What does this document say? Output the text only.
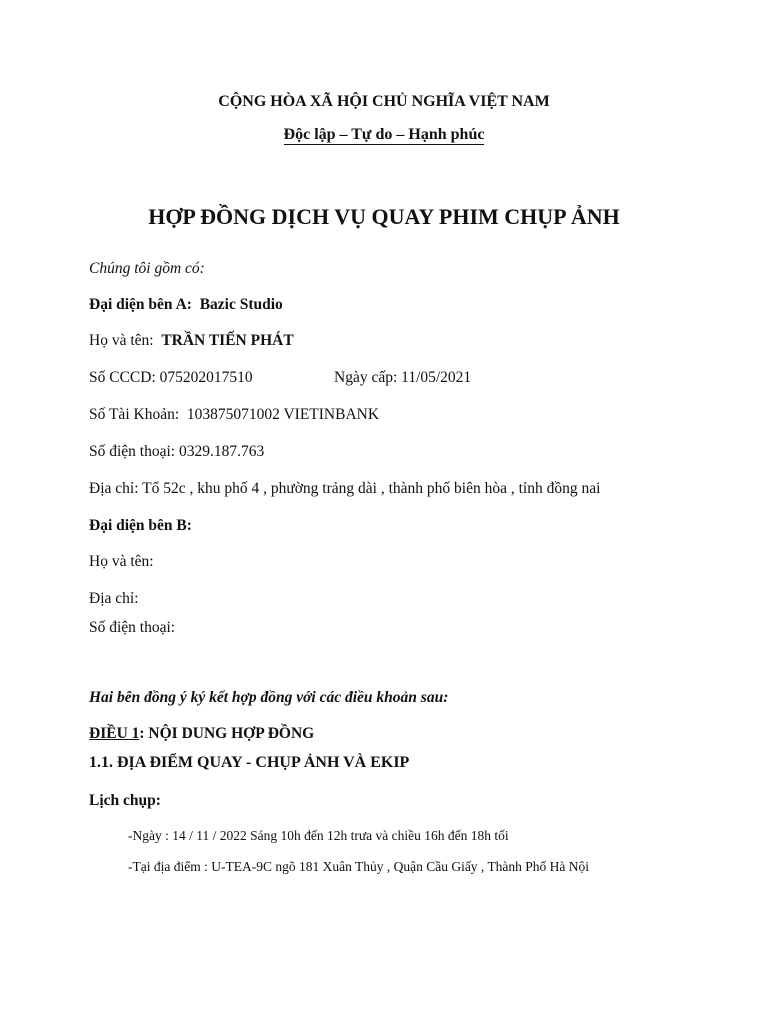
CỘNG HÒA XÃ HỘI CHỦ NGHĨA VIỆT NAM
Độc lập – Tự do – Hạnh phúc
HỢP ĐỒNG DỊCH VỤ QUAY PHIM CHỤP ẢNH
Chúng tôi gồm có:
Đại diện bên A: Bazic Studio
Họ và tên: TRẦN TIẾN PHÁT
Số CCCD: 075202017510	Ngày cấp: 11/05/2021
Số Tài Khoản: 103875071002 VIETINBANK
Số điện thoại: 0329.187.763
Địa chỉ: Tổ 52c , khu phố 4 , phường trảng dài , thành phố biên hòa , tỉnh đồng nai
Đại diện bên B:
Họ và tên:
Địa chỉ:
Số điện thoại:
Hai bên đồng ý ký kết hợp đồng với các điều khoản sau:
ĐIỀU 1: NỘI DUNG HỢP ĐỒNG
1.1. ĐỊA ĐIỂM QUAY - CHỤP ẢNH VÀ EKIP
Lịch chụp:
-Ngày : 14 / 11 / 2022 Sáng 10h đến 12h trưa và chiều 16h đến 18h tối
-Tại địa điểm : U-TEA-9C ngõ 181 Xuân Thủy , Quận Cầu Giấy , Thành Phố Hà Nội
